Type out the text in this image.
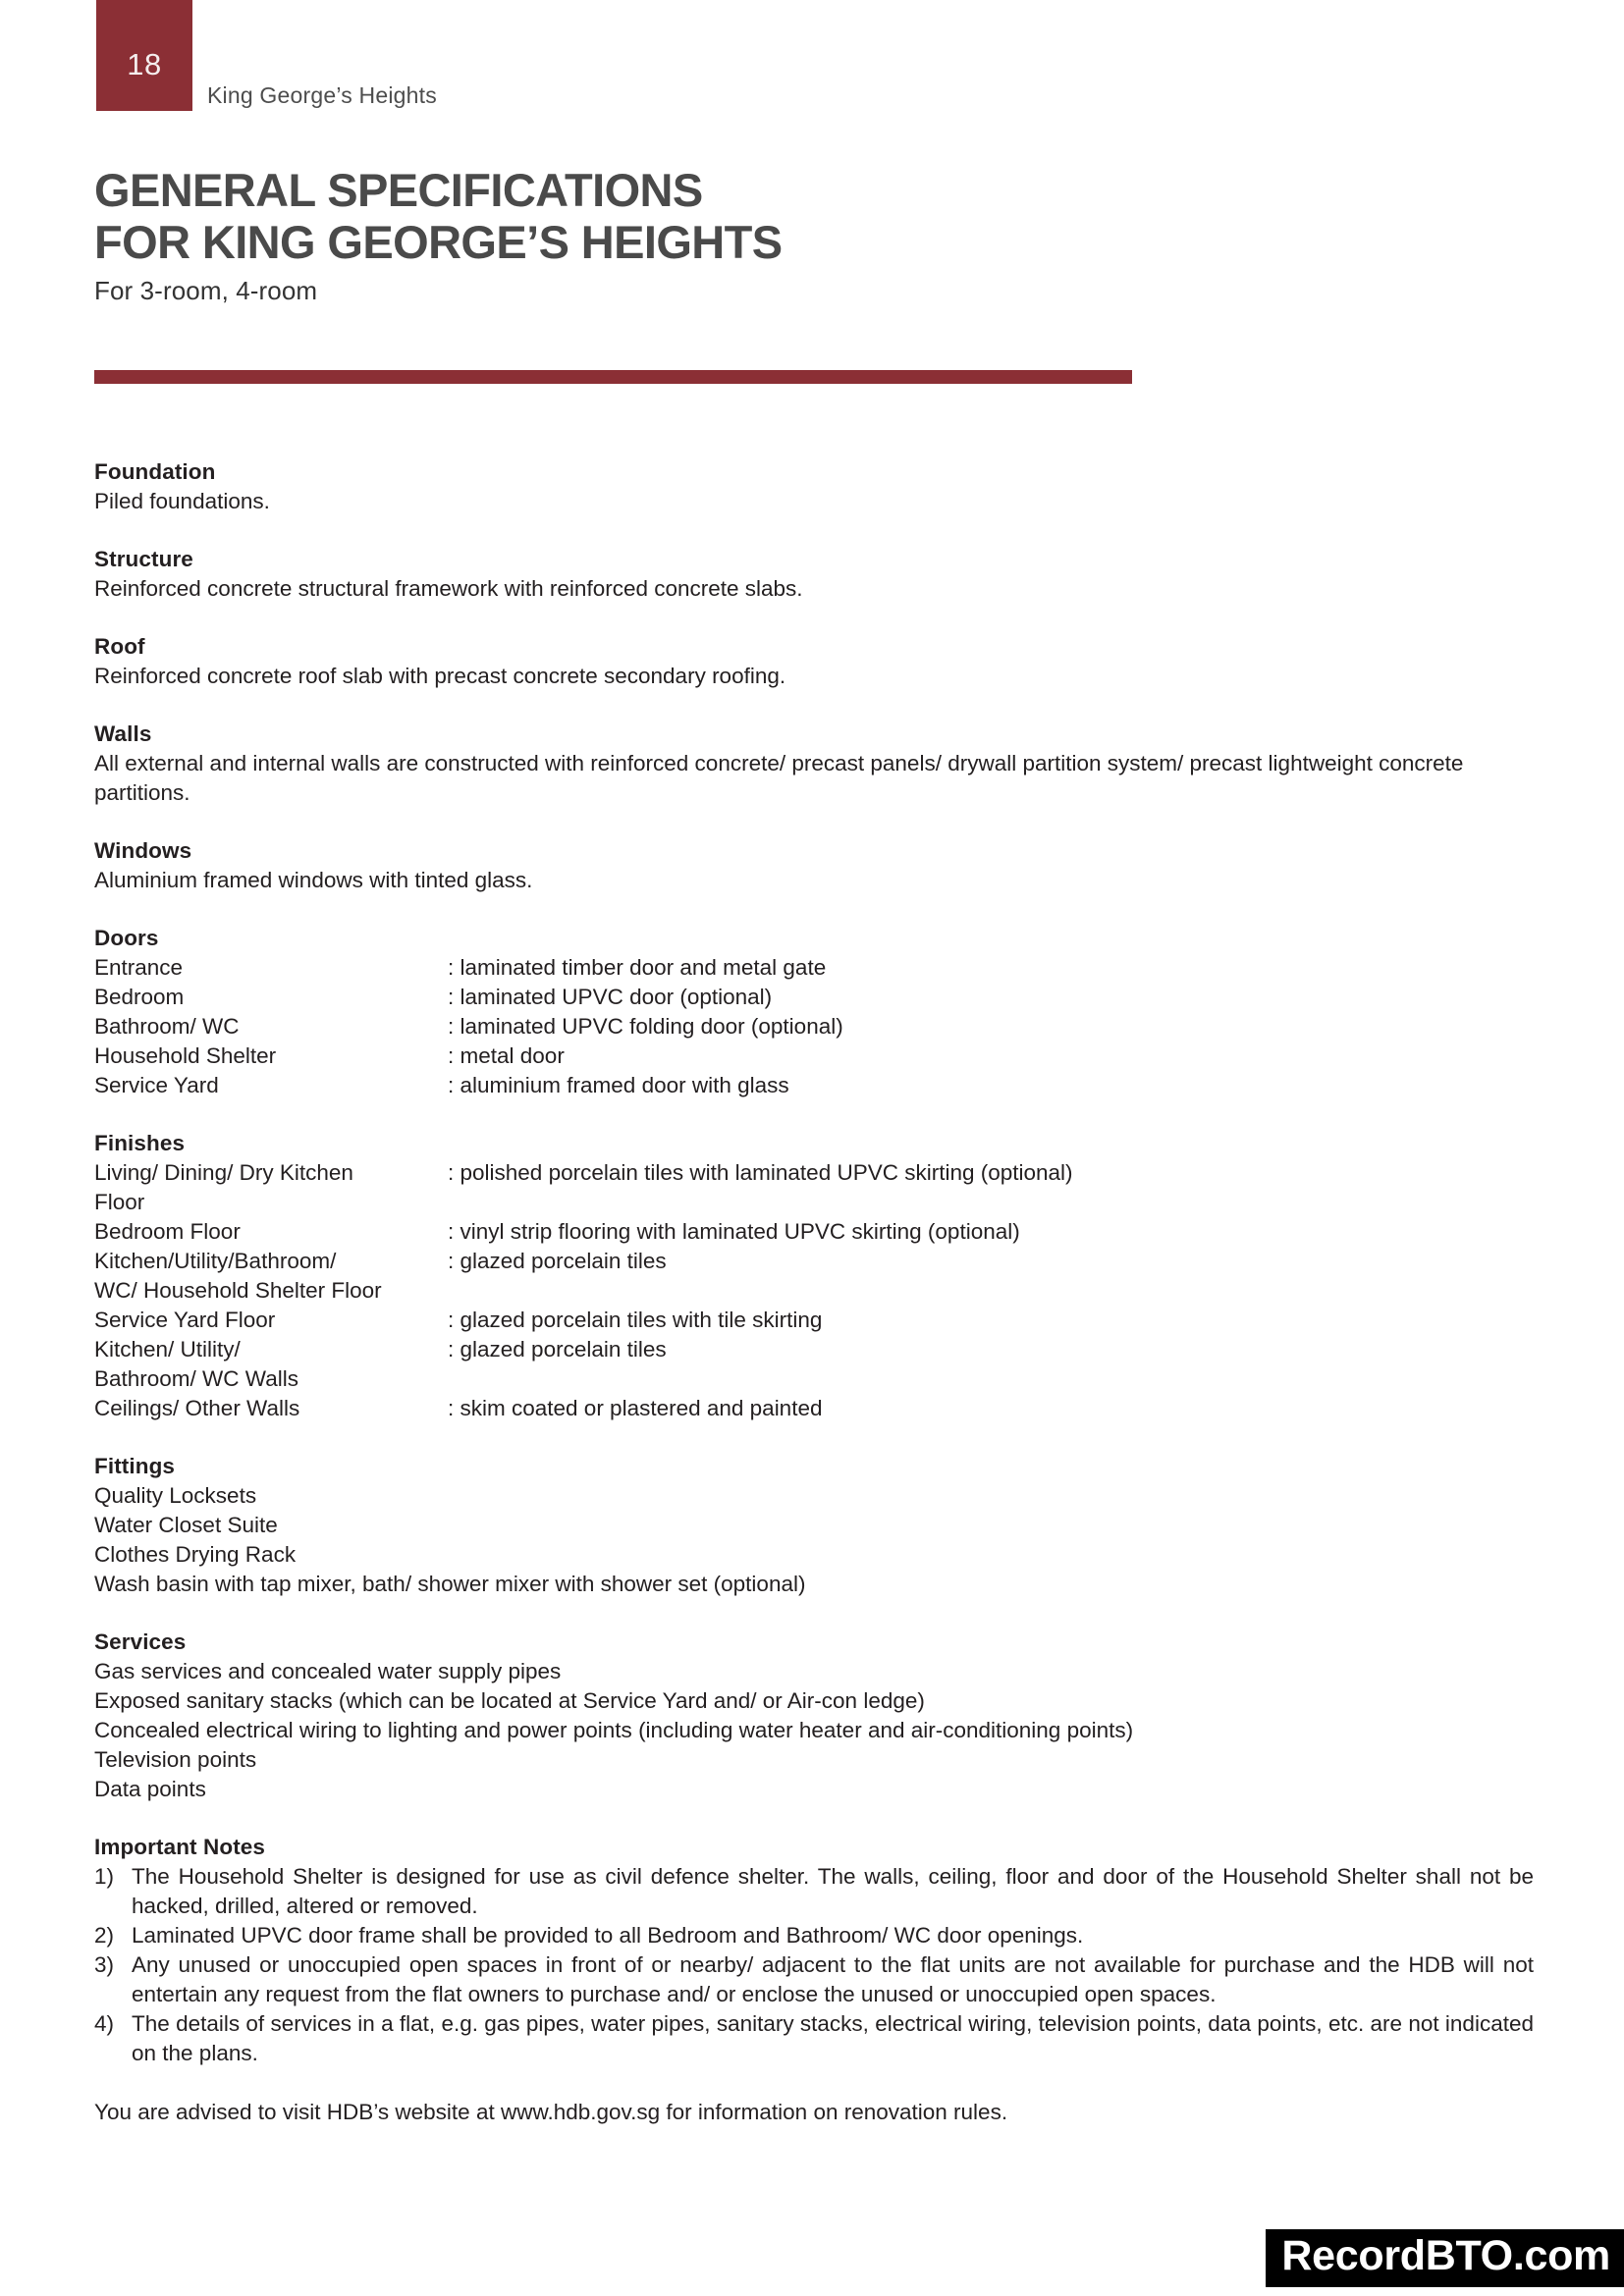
18
King George’s Heights
GENERAL SPECIFICATIONS
FOR KING GEORGE’S HEIGHTS
For 3-room, 4-room
Foundation
Piled foundations.
Structure
Reinforced concrete structural framework with reinforced concrete slabs.
Roof
Reinforced concrete roof slab with precast concrete secondary roofing.
Walls
All external and internal walls are constructed with reinforced concrete/ precast panels/ drywall partition system/ precast lightweight concrete partitions.
Windows
Aluminium framed windows with tinted glass.
Doors
Entrance	: laminated timber door and metal gate
Bedroom	: laminated UPVC door (optional)
Bathroom/ WC	: laminated UPVC folding door (optional)
Household Shelter	: metal door
Service Yard	: aluminium framed door with glass
Finishes
Living/ Dining/ Dry Kitchen	: polished porcelain tiles with laminated UPVC skirting (optional)
Floor
Bedroom Floor	: vinyl strip flooring with laminated UPVC skirting (optional)
Kitchen/Utility/Bathroom/	: glazed porcelain tiles
WC/ Household Shelter Floor
Service Yard Floor	: glazed porcelain tiles with tile skirting
Kitchen/ Utility/	: glazed porcelain tiles
Bathroom/ WC Walls
Ceilings/ Other Walls	: skim coated or plastered and painted
Fittings
Quality Locksets
Water Closet Suite
Clothes Drying Rack
Wash basin with tap mixer, bath/ shower mixer with shower set (optional)
Services
Gas services and concealed water supply pipes
Exposed sanitary stacks (which can be located at Service Yard and/ or Air-con ledge)
Concealed electrical wiring to lighting and power points (including water heater and air-conditioning points)
Television points
Data points
Important Notes
1) The Household Shelter is designed for use as civil defence shelter. The walls, ceiling, floor and door of the Household Shelter shall not be hacked, drilled, altered or removed.
2) Laminated UPVC door frame shall be provided to all Bedroom and Bathroom/ WC door openings.
3) Any unused or unoccupied open spaces in front of or nearby/ adjacent to the flat units are not available for purchase and the HDB will not entertain any request from the flat owners to purchase and/ or enclose the unused or unoccupied open spaces.
4) The details of services in a flat, e.g. gas pipes, water pipes, sanitary stacks, electrical wiring, television points, data points, etc. are not indicated on the plans.
You are advised to visit HDB’s website at www.hdb.gov.sg for information on renovation rules.
RecordBTO.com
